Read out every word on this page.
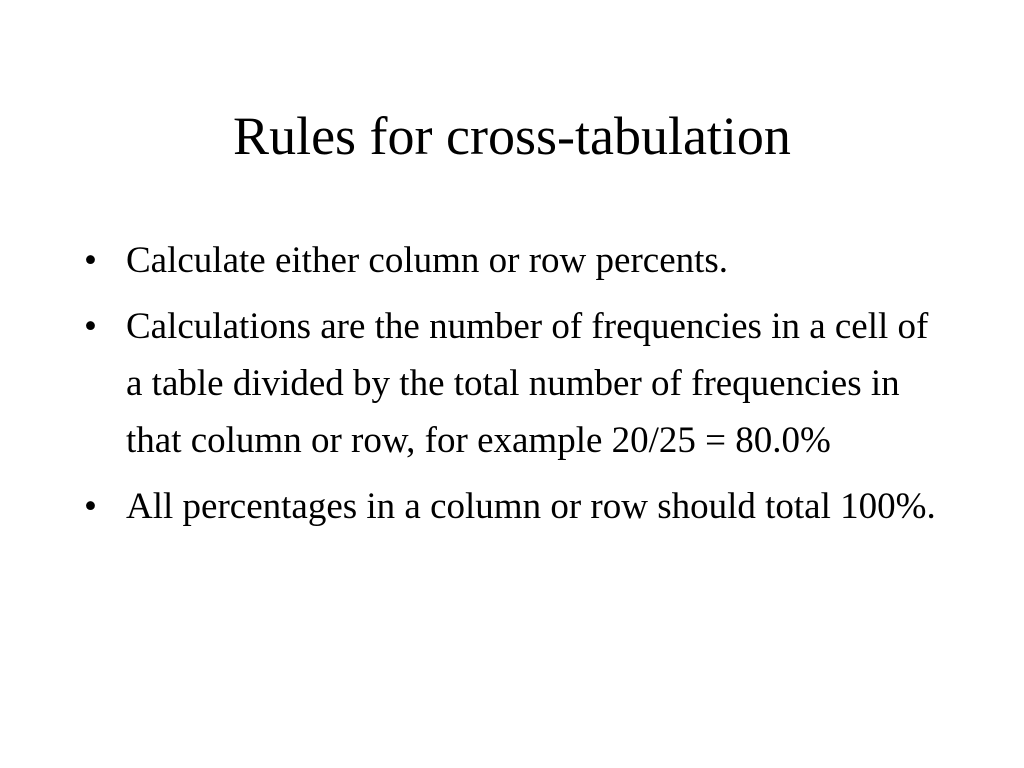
Rules for cross-tabulation
• Calculate either column or row percents.
• Calculations are the number of frequencies in a cell of a table divided by the total number of frequencies in that column or row, for example 20/25 = 80.0%
• All percentages in a column or row should total 100%.
